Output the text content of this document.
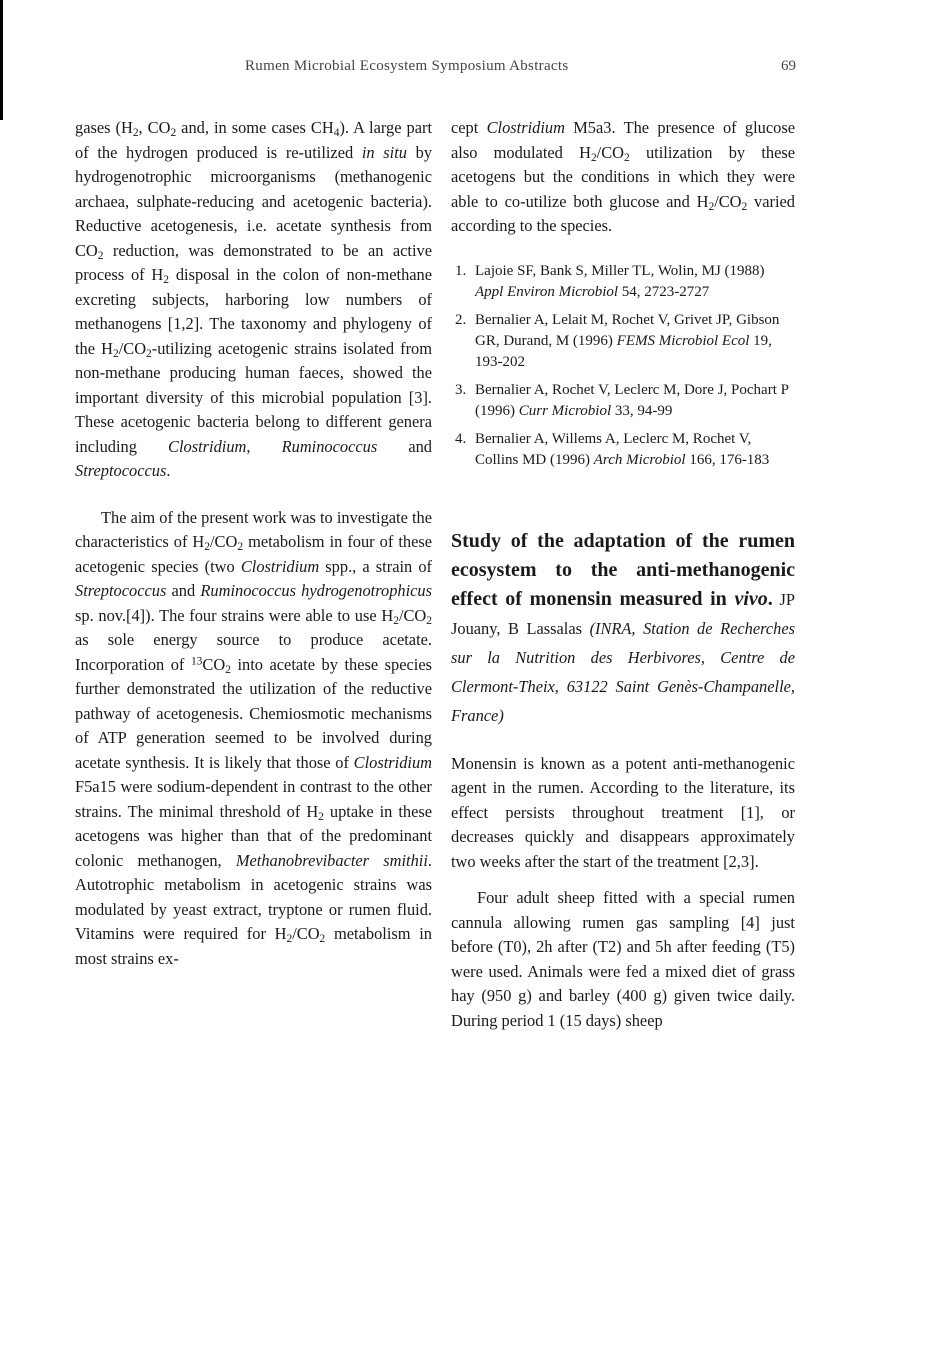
Rumen Microbial Ecosystem Symposium Abstracts	69

gases ($H_2$, $CO_2$ and, in some cases $CH_4$). A large part of the hydrogen produced is re-utilized in situ by hydrogenotrophic microorganisms (methanogenic archaea, sulphate-reducing and acetogenic bacteria). Reductive acetogenesis, i.e. acetate synthesis from $CO_2$ reduction, was demonstrated to be an active process of $H_2$ disposal in the colon of non-methane excreting subjects, harboring low numbers of methanogens [1,2]. The taxonomy and phylogeny of the $H_2/CO_2$-utilizing acetogenic strains isolated from non-methane producing human faeces, showed the important diversity of this microbial population [3]. These acetogenic bacteria belong to different genera including Clostridium, Ruminococcus and Streptococcus.

The aim of the present work was to investigate the characteristics of $H_2/CO_2$ metabolism in four of these acetogenic species (two Clostridium spp., a strain of Streptococcus and Ruminococcus hydrogenotrophicus sp. nov.[4]). The four strains were able to use $H_2/CO_2$ as sole energy source to produce acetate. Incorporation of $^{13}CO_2$ into acetate by these species further demonstrated the utilization of the reductive pathway of acetogenesis. Chemiosmotic mechanisms of ATP generation seemed to be involved during acetate synthesis. It is likely that those of Clostridium F5a15 were sodium-dependent in contrast to the other strains. The minimal threshold of $H_2$ uptake in these acetogens was higher than that of the predominant colonic methanogen, Methanobrevibacter smithii. Autotrophic metabolism in acetogenic strains was modulated by yeast extract, tryptone or rumen fluid. Vitamins were required for $H_2/CO_2$ metabolism in most strains ex-

cept Clostridium M5a3. The presence of glucose also modulated $H_2/CO_2$ utilization by these acetogens but the conditions in which they were able to co-utilize both glucose and $H_2/CO_2$ varied according to the species.

1. Lajoie SF, Bank S, Miller TL, Wolin, MJ (1988) Appl Environ Microbiol 54, 2723-2727
2. Bernalier A, Lelait M, Rochet V, Grivet JP, Gibson GR, Durand, M (1996) FEMS Microbiol Ecol 19, 193-202
3. Bernalier A, Rochet V, Leclerc M, Dore J, Pochart P (1996) Curr Microbiol 33, 94-99
4. Bernalier A, Willems A, Leclerc M, Rochet V, Collins MD (1996) Arch Microbiol 166, 176-183

Study of the adaptation of the rumen ecosystem to the anti-methanogenic effect of monensin measured in vivo. JP Jouany, B Lassalas (INRA, Station de Recherches sur la Nutrition des Herbivores, Centre de Clermont-Theix, 63122 Saint Genès-Champanelle, France)

Monensin is known as a potent anti-methanogenic agent in the rumen. According to the literature, its effect persists throughout treatment [1], or decreases quickly and disappears approximately two weeks after the start of the treatment [2,3].

Four adult sheep fitted with a special rumen cannula allowing rumen gas sampling [4] just before (T0), 2h after (T2) and 5h after feeding (T5) were used. Animals were fed a mixed diet of grass hay (950 g) and barley (400 g) given twice daily. During period 1 (15 days) sheep
